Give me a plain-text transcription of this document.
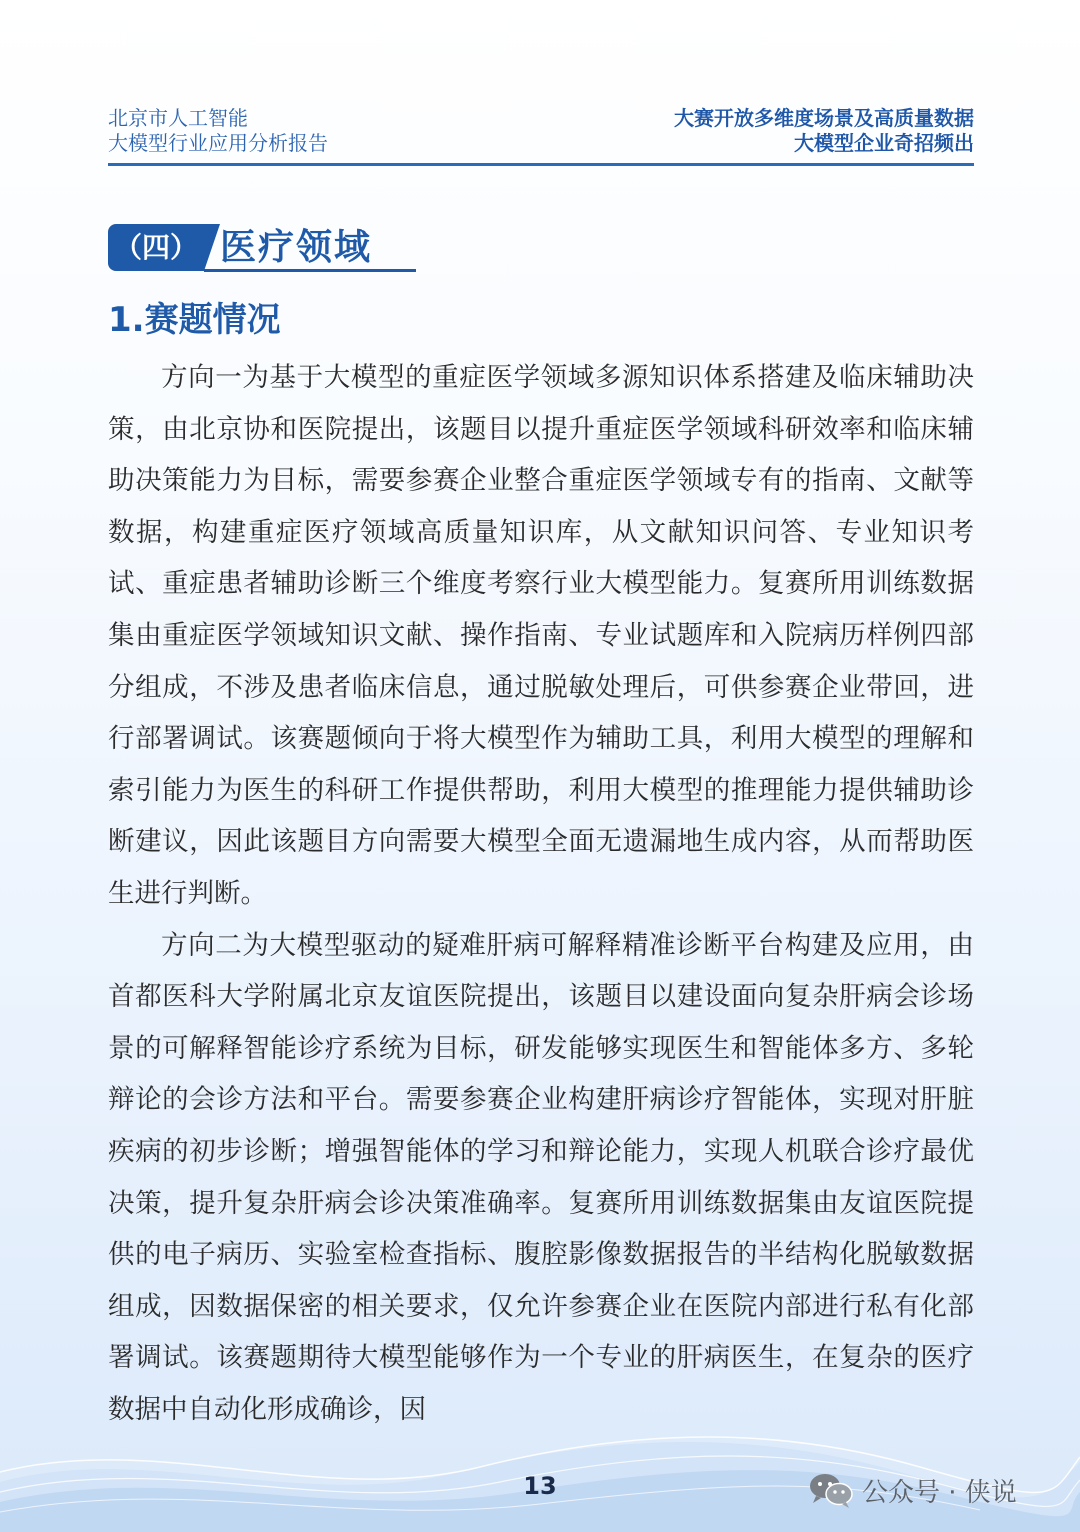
北京市人工智能
大模型行业应用分析报告
大赛开放多维度场景及高质量数据
大模型企业奇招频出
（四） 医疗领域
1.赛题情况

方向一为基于大模型的重症医学领域多源知识体系搭建及临床辅助决策，由北京协和医院提出，该题目以提升重症医学领域科研效率和临床辅助决策能力为目标，需要参赛企业整合重症医学领域专有的指南、文献等数据，构建重症医疗领域高质量知识库，从文献知识问答、专业知识考试、重症患者辅助诊断三个维度考察行业大模型能力。复赛所用训练数据集由重症医学领域知识文献、操作指南、专业试题库和入院病历样例四部分组成，不涉及患者临床信息，通过脱敏处理后，可供参赛企业带回，进行部署调试。该赛题倾向于将大模型作为辅助工具，利用大模型的理解和索引能力为医生的科研工作提供帮助，利用大模型的推理能力提供辅助诊断建议，因此该题目方向需要大模型全面无遗漏地生成内容，从而帮助医生进行判断。

方向二为大模型驱动的疑难肝病可解释精准诊断平台构建及应用，由首都医科大学附属北京友谊医院提出，该题目以建设面向复杂肝病会诊场景的可解释智能诊疗系统为目标，研发能够实现医生和智能体多方、多轮辩论的会诊方法和平台。需要参赛企业构建肝病诊疗智能体，实现对肝脏疾病的初步诊断；增强智能体的学习和辩论能力，实现人机联合诊疗最优决策，提升复杂肝病会诊决策准确率。复赛所用训练数据集由友谊医院提供的电子病历、实验室检查指标、腹腔影像数据报告的半结构化脱敏数据组成，因数据保密的相关要求，仅允许参赛企业在医院内部进行私有化部署调试。该赛题期待大模型能够作为一个专业的肝病医生，在复杂的医疗数据中自动化形成确诊，因

13	公众号 · 侠说
